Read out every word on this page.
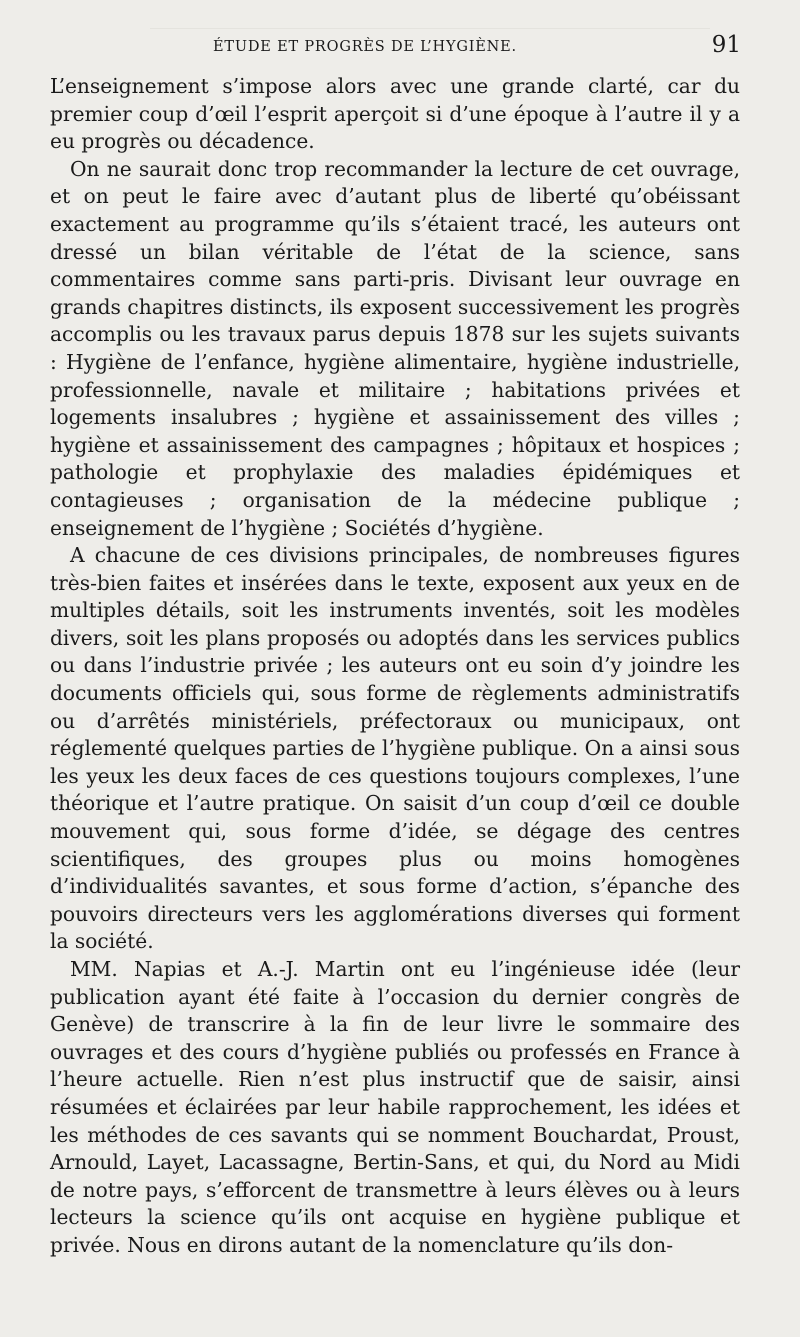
ÉTUDE ET PROGRÈS DE L’HYGIÈNE.	91

L’enseignement s’impose alors avec une grande clarté, car du premier coup d’œil l’esprit aperçoit si d’une époque à l’autre il y a eu progrès ou décadence.

On ne saurait donc trop recommander la lecture de cet ouvrage, et on peut le faire avec d’autant plus de liberté qu’obéissant exactement au programme qu’ils s’étaient tracé, les auteurs ont dressé un bilan véritable de l’état de la science, sans commentaires comme sans parti-pris. Divisant leur ouvrage en grands chapitres distincts, ils exposent successivement les progrès accomplis ou les travaux parus depuis 1878 sur les sujets suivants : Hygiène de l’enfance, hygiène alimentaire, hygiène industrielle, professionnelle, navale et militaire ; habitations privées et logements insalubres ; hygiène et assainissement des villes ; hygiène et assainissement des campagnes ; hôpitaux et hospices ; pathologie et prophylaxie des maladies épidémiques et contagieuses ; organisation de la médecine publique ; enseignement de l’hygiène ; Sociétés d’hygiène.

A chacune de ces divisions principales, de nombreuses figures très-bien faites et insérées dans le texte, exposent aux yeux en de multiples détails, soit les instruments inventés, soit les modèles divers, soit les plans proposés ou adoptés dans les services publics ou dans l’industrie privée ; les auteurs ont eu soin d’y joindre les documents officiels qui, sous forme de règlements administratifs ou d’arrêtés ministériels, préfectoraux ou municipaux, ont réglementé quelques parties de l’hygiène publique. On a ainsi sous les yeux les deux faces de ces questions toujours complexes, l’une théorique et l’autre pratique. On saisit d’un coup d’œil ce double mouvement qui, sous forme d’idée, se dégage des centres scientifiques, des groupes plus ou moins homogènes d’individualités savantes, et sous forme d’action, s’épanche des pouvoirs directeurs vers les agglomérations diverses qui forment la société.

MM. Napias et A.-J. Martin ont eu l’ingénieuse idée (leur publication ayant été faite à l’occasion du dernier congrès de Genève) de transcrire à la fin de leur livre le sommaire des ouvrages et des cours d’hygiène publiés ou professés en France à l’heure actuelle. Rien n’est plus instructif que de saisir, ainsi résumées et éclairées par leur habile rapprochement, les idées et les méthodes de ces savants qui se nomment Bouchardat, Proust, Arnould, Layet, Lacassagne, Bertin-Sans, et qui, du Nord au Midi de notre pays, s’efforcent de transmettre à leurs élèves ou à leurs lecteurs la science qu’ils ont acquise en hygiène publique et privée. Nous en dirons autant de la nomenclature qu’ils don-
